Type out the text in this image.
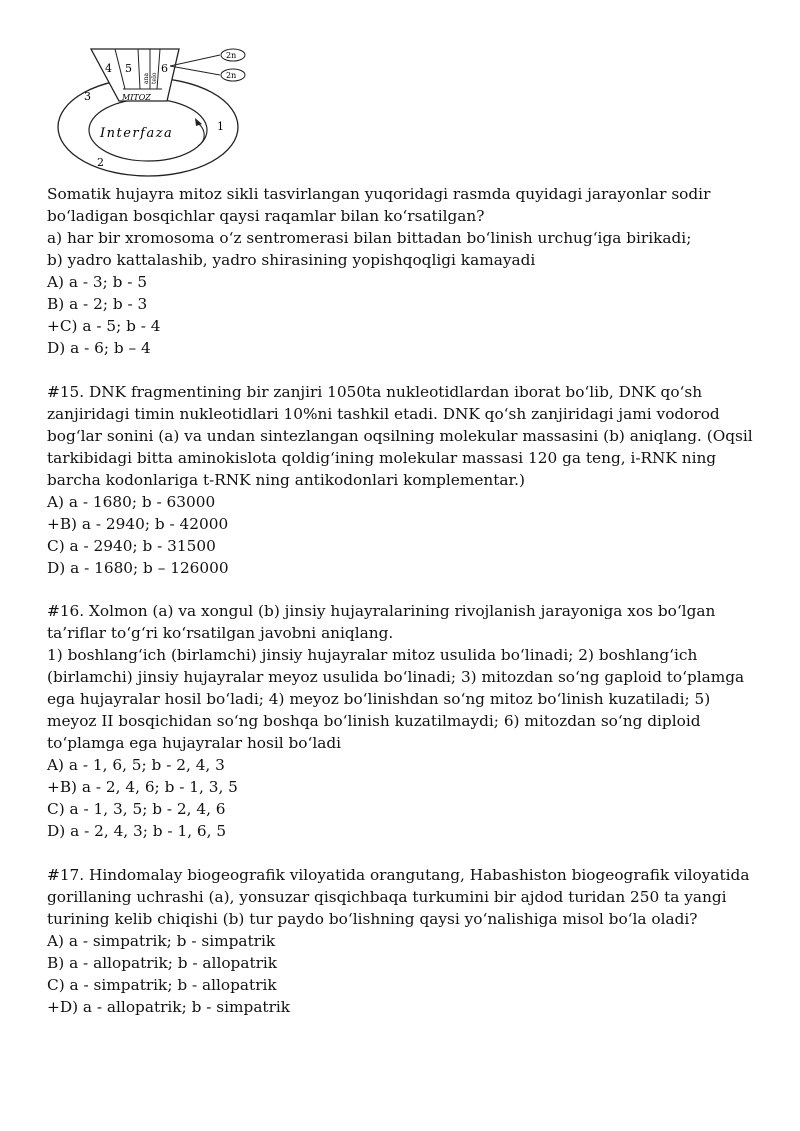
4 5	6
ana telo
MITOZ
3
1
2
Interfaza
2n
2n
Somatik hujayra mitoz sikli tasvirlangan yuqoridagi rasmda quyidagi jarayonlar sodir
bo‘ladigan bosqichlar qaysi raqamlar bilan ko‘rsatilgan?
a) har bir xromosoma o‘z sentromerasi bilan bittadan bo‘linish urchug‘iga birikadi;
b) yadro kattalashib, yadro shirasining yopishqoqligi kamayadi
A) a - 3; b - 5
B) a - 2; b - 3
+C) a - 5; b - 4
D) a - 6; b – 4
#15. DNK fragmentining bir zanjiri 1050ta nukleotidlardan iborat bo‘lib, DNK qo‘sh
zanjiridagi timin nukleotidlari 10%ni tashkil etadi. DNK qo‘sh zanjiridagi jami vodorod
bog‘lar sonini (a) va undan sintezlangan oqsilning molekular massasini (b) aniqlang. (Oqsil
tarkibidagi bitta aminokislota qoldig‘ining molekular massasi 120 ga teng, i-RNK ning
barcha kodonlariga t-RNK ning antikodonlari komplementar.)
A) a - 1680; b - 63000
+B) a - 2940; b - 42000
C) a - 2940; b - 31500
D) a - 1680; b – 126000
#16. Xolmon (a) va xongul (b) jinsiy hujayralarining rivojlanish jarayoniga xos bo‘lgan
ta’riflar to‘g‘ri ko‘rsatilgan javobni aniqlang.
1) boshlang‘ich (birlamchi) jinsiy hujayralar mitoz usulida bo‘linadi; 2) boshlang‘ich
(birlamchi) jinsiy hujayralar meyoz usulida bo‘linadi; 3) mitozdan so‘ng gaploid to‘plamga
ega hujayralar hosil bo‘ladi; 4) meyoz bo‘linishdan so‘ng mitoz bo‘linish kuzatiladi; 5)
meyoz II bosqichidan so‘ng boshqa bo‘linish kuzatilmaydi; 6) mitozdan so‘ng diploid
to‘plamga ega hujayralar hosil bo‘ladi
A) a - 1, 6, 5; b - 2, 4, 3
+B) a - 2, 4, 6; b - 1, 3, 5
C) a - 1, 3, 5; b - 2, 4, 6
D) a - 2, 4, 3; b - 1, 6, 5
#17. Hindomalay biogeografik viloyatida orangutang, Habashiston biogeografik viloyatida
gorillaning uchrashi (a), yonsuzar qisqichbaqa turkumini bir ajdod turidan 250 ta yangi
turining kelib chiqishi (b) tur paydo bo‘lishning qaysi yo‘nalishiga misol bo‘la oladi?
A) a - simpatrik; b - simpatrik
B) a - allopatrik; b - allopatrik
C) a - simpatrik; b - allopatrik
+D) a - allopatrik; b - simpatrik
